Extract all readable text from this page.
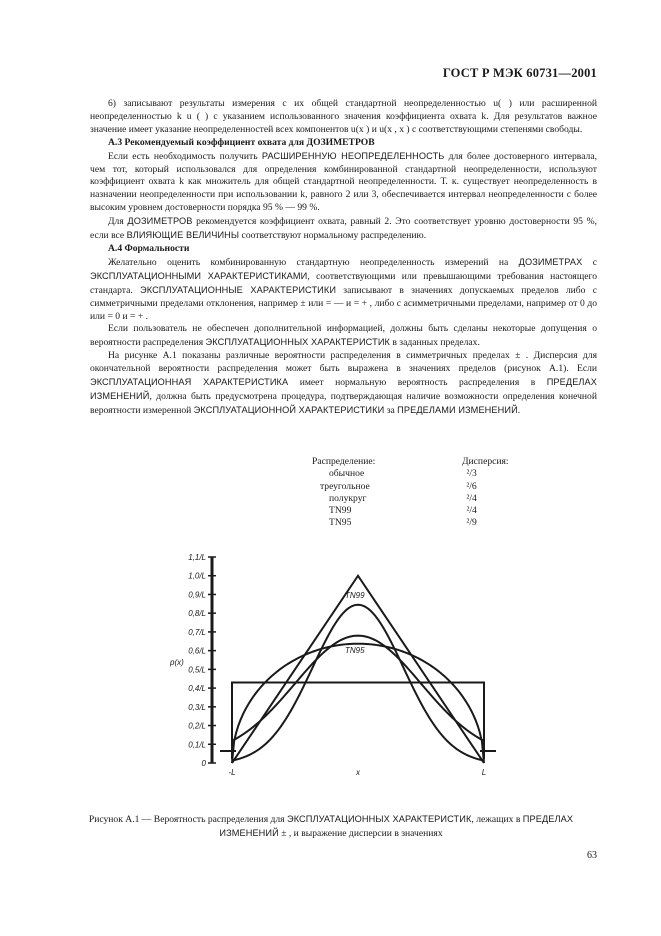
ГОСТ Р МЭК 60731—2001

6) записывают результаты измерения с их общей стандартной неопределенностью u( ) или расширенной неопределенностью k u ( ) с указанием использованного значения коэффициента охвата k. Для результатов важное значение имеет указание неопределенностей всех компонентов u(x ) и u(x , x ) с соответствующими степенями свободы.

А.3 Рекомендуемый коэффициент охвата для ДОЗИМЕТРОВ

Если есть необходимость получить РАСШИРЕННУЮ НЕОПРЕДЕЛЕННОСТЬ для более достоверного интервала, чем тот, который использовался для определения комбинированной стандартной неопределенности, используют коэффициент охвата k как множитель для общей стандартной неопределенности. Т. к. существует неопределенность в назначении неопределенности при использовании k, равного 2 или 3, обеспечивается интервал неопределенности с более высоким уровнем достоверности порядка 95 % — 99 %.

Для ДОЗИМЕТРОВ рекомендуется коэффициент охвата, равный 2. Это соответствует уровню достоверности 95 %, если все ВЛИЯЮЩИЕ ВЕЛИЧИНЫ соответствуют нормальному распределению.

А.4 Формальности

Желательно оценить комбинированную стандартную неопределенность измерений на ДОЗИМЕТРАХ с ЭКСПЛУАТАЦИОННЫМИ ХАРАКТЕРИСТИКАМИ, соответствующими или превышающими требования настоящего стандарта. ЭКСПЛУАТАЦИОННЫЕ ХАРАКТЕРИСТИКИ записывают в значениях допускаемых пределов либо с симметричными пределами отклонения, например ± или = — и = + , либо с асимметричными пределами, например от 0 до или = 0 и = + .

Если пользователь не обеспечен дополнительной информацией, должны быть сделаны некоторые допущения о вероятности распределения ЭКСПЛУАТАЦИОННЫХ ХАРАКТЕРИСТИК в заданных пределах.

На рисунке А.1 показаны различные вероятности распределения в симметричных пределах ± . Дисперсия для окончательной вероятности распределения может быть выражена в значениях пределов (рисунок А.1). Если ЭКСПЛУАТАЦИОННАЯ ХАРАКТЕРИСТИКА имеет нормальную вероятность распределения в ПРЕДЕЛАХ ИЗМЕНЕНИЙ, должна быть предусмотрена процедура, подтверждающая наличие возможности определения конечной вероятности измеренной ЭКСПЛУАТАЦИОННОЙ ХАРАКТЕРИСТИКИ за ПРЕДЕЛАМИ ИЗМЕНЕНИЙ.

Распределение:	Дисперсия:
обычное	²/3
треугольное	²/6
полукруг	²/4
TN99	²/4
TN95	²/9
0
0,1/L
0,2/L
0,3/L
0,4/L
0,5/L
0,6/L
0,7/L
0,8/L
0,9/L
1,0/L
1,1/L
-L	x	L
p(x)
TN99
TN95
Рисунок А.1 — Вероятность распределения для ЭКСПЛУАТАЦИОННЫХ ХАРАКТЕРИСТИК, лежащих в ПРЕДЕЛАХ ИЗМЕНЕНИЙ ± , и выражение дисперсии в значениях
63
